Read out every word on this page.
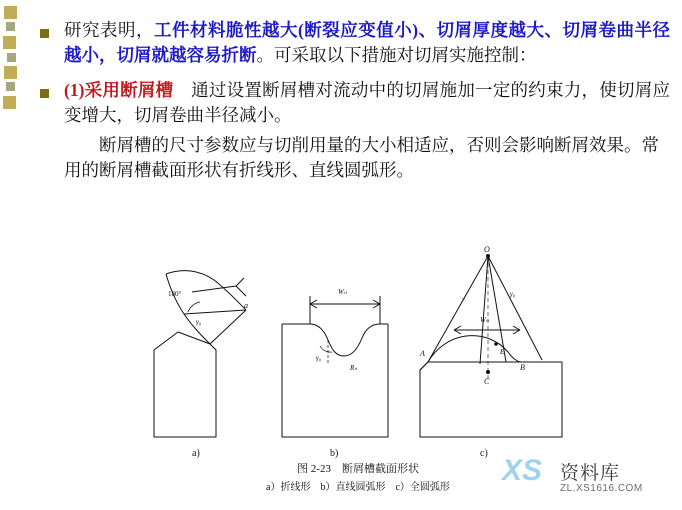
研究表明，工件材料脆性越大(断裂应变值小)、切屑厚度越大、切屑卷曲半径越小，切屑就越容易折断。可采取以下措施对切屑实施控制：
(1)采用断屑槽　通过设置断屑槽对流动中的切屑施加一定的约束力，使切屑应变增大，切屑卷曲半径减小。
断屑槽的尺寸参数应与切削用量的大小相适应，否则会影响断屑效果。常用的断屑槽截面形状有折线形、直线圆弧形。
180°
a
γ₀
Wₙ
γ₀
Rₙ
O
Wₙ
A	E
C
B
r
γ₀
a)	b)	c)
图 2-23　断屑槽截面形状
a）折线形　b）直线圆弧形　c）全圆弧形
XS 资料库
ZL.XS1616.COM
